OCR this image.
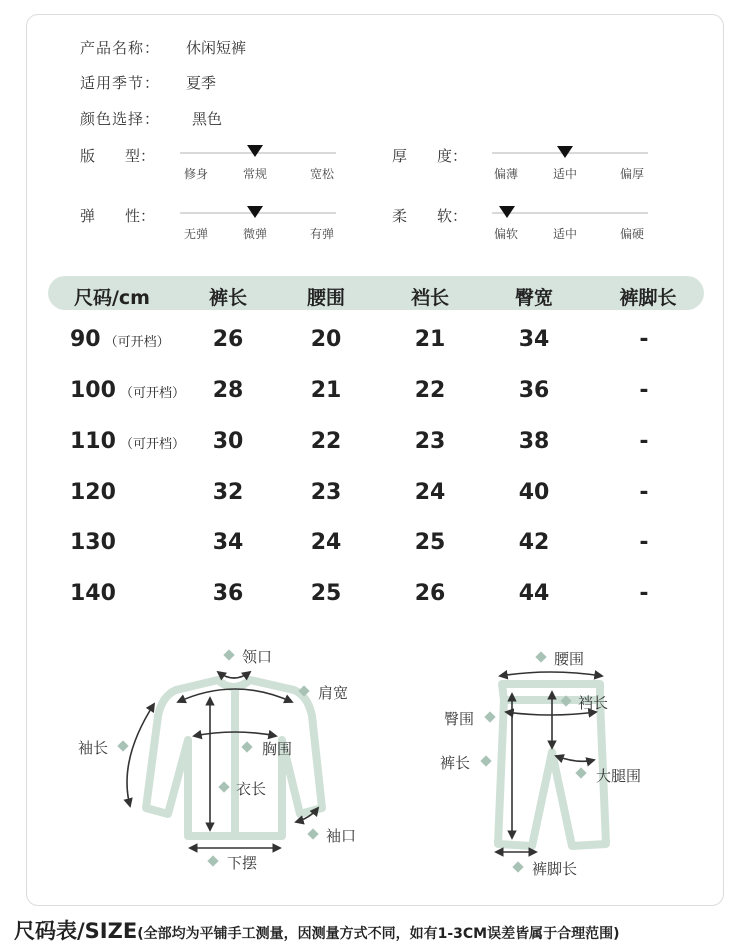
产品名称： 休闲短裤
适用季节： 夏季
颜色选择： 黑色
版　　型：
修身	常规	宽松
厚　　度：
偏薄	适中	偏厚
弹　　性：
无弹	微弹	有弹
柔　　软：
偏软	适中	偏硬
尺码/cm	裤长	腰围	裆长	臀宽	裤脚长
90 （可开档）	26	20	21	34	-
100 （可开档）	28	21	22	36	-
110 （可开档）	30	22	23	38	-
120	32	23	24	40	-
130	34	24	25	42	-
140	36	25	26	44	-
领口
肩宽
袖长	胸围
衣长
袖口
下摆
腰围
裆长
臀围
裤长
大腿围
裤脚长
尺码表/SIZE(全部均为平铺手工测量，因测量方式不同，如有1-3CM误差皆属于合理范围)
